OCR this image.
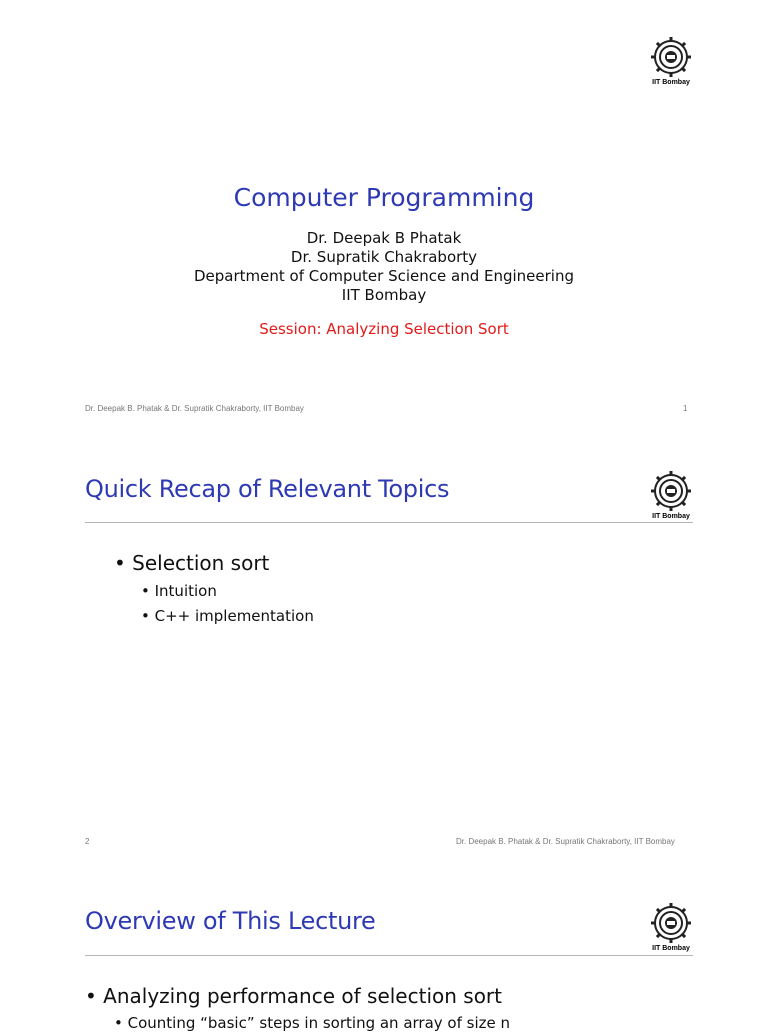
IIT Bombay
Computer Programming
Dr. Deepak B Phatak
Dr. Supratik Chakraborty
Department of Computer Science and Engineering
IIT Bombay
Session: Analyzing Selection Sort
Dr. Deepak B. Phatak & Dr. Supratik Chakraborty, IIT Bombay	1
Quick Recap of Relevant Topics
IIT Bombay
• Selection sort
• Intuition
• C++ implementation
2	Dr. Deepak B. Phatak & Dr. Supratik Chakraborty, IIT Bombay
Overview of This Lecture
IIT Bombay
• Analyzing performance of selection sort
• Counting “basic” steps in sorting an array of size n
